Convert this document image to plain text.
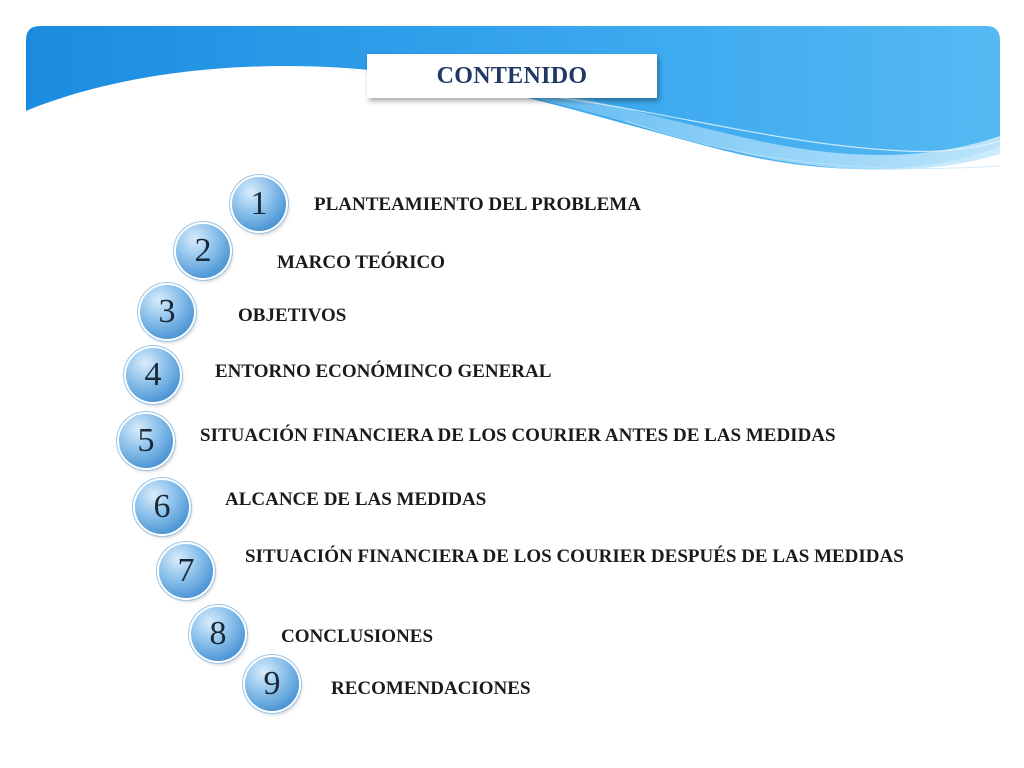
CONTENIDO
1 PLANTEAMIENTO DEL PROBLEMA
2	MARCO TEÓRICO
3	OBJETIVOS
4	ENTORNO ECONÓMINCO GENERAL
5 SITUACIÓN FINANCIERA DE LOS COURIER ANTES DE LAS MEDIDAS
6	ALCANCE DE LAS MEDIDAS
7	SITUACIÓN FINANCIERA DE LOS COURIER DESPUÉS DE LAS MEDIDAS
8	CONCLUSIONES
9	RECOMENDACIONES
